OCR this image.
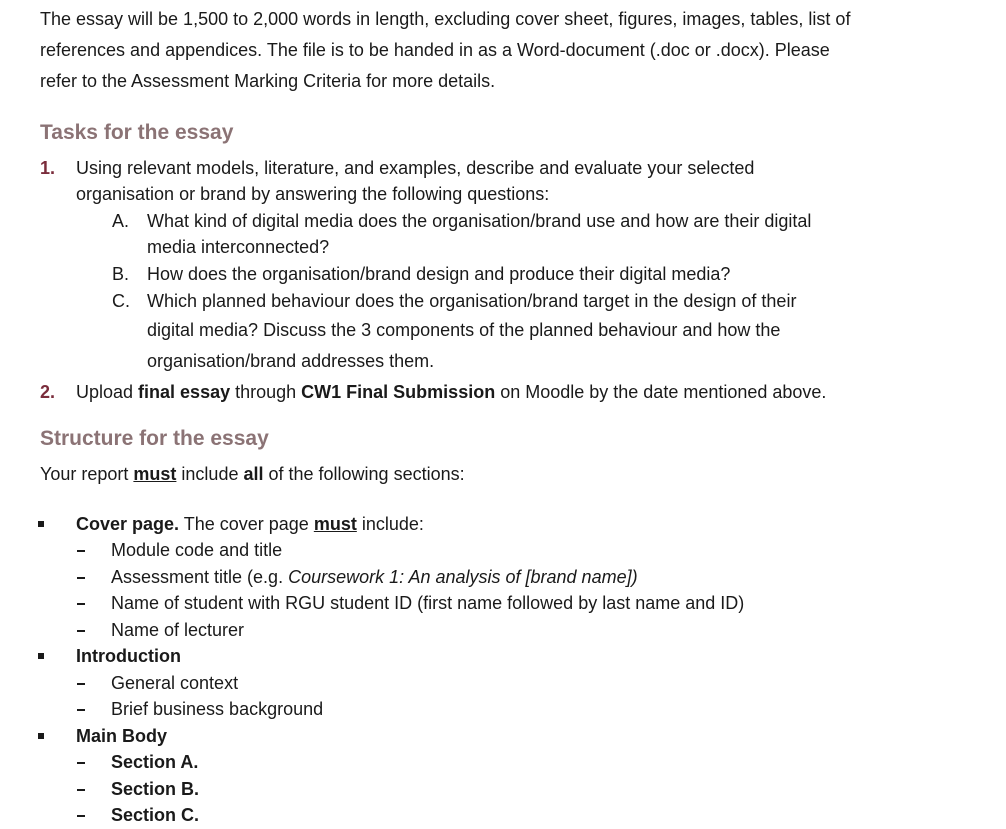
The essay will be 1,500 to 2,000 words in length, excluding cover sheet, figures, images, tables, list of
references and appendices. The file is to be handed in as a Word-document (.doc or .docx). Please
refer to the Assessment Marking Criteria for more details.
Tasks for the essay
1. Using relevant models, literature, and examples, describe and evaluate your selected
organisation or brand by answering the following questions:
A. What kind of digital media does the organisation/brand use and how are their digital
media interconnected?
B. How does the organisation/brand design and produce their digital media?
C. Which planned behaviour does the organisation/brand target in the design of their
digital media? Discuss the 3 components of the planned behaviour and how the
organisation/brand addresses them.
2. Upload final essay through CW1 Final Submission on Moodle by the date mentioned above.
Structure for the essay
Your report must include all of the following sections:
Cover page. The cover page must include:
Module code and title
Assessment title (e.g. Coursework 1: An analysis of [brand name])
Name of student with RGU student ID (first name followed by last name and ID)
Name of lecturer
Introduction
General context
Brief business background
Main Body
Section A.
Section B.
Section C.
